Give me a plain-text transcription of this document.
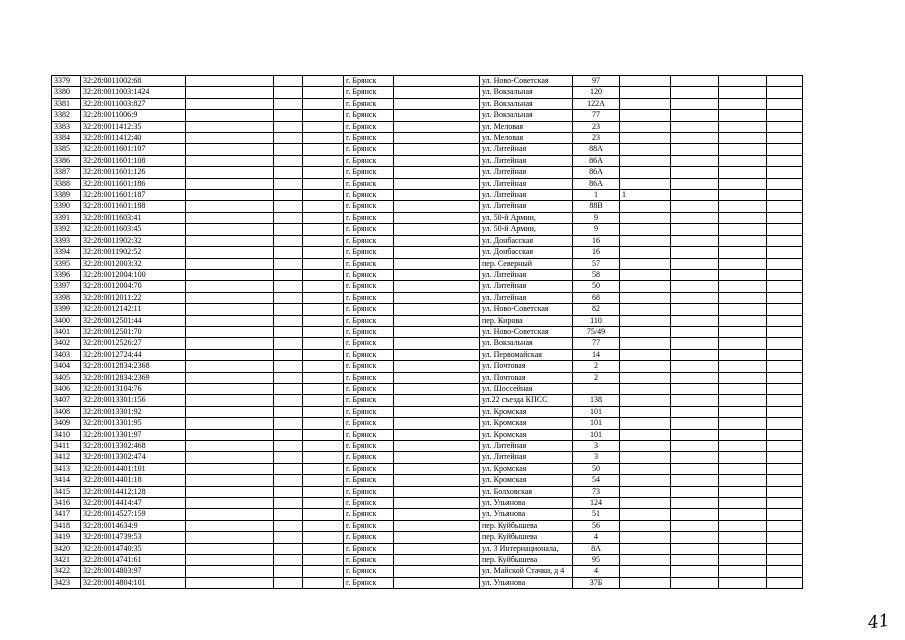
3379	32:28:0011002:68				г. Брянск		ул. Ново-Советская	97				
3380	32:28:0011003:1424				г. Брянск		ул. Вокзальная	120				
3381	32:28:0011003:827				г. Брянск		ул. Вокзальная	122А				
3382	32:28:0011006:9				г. Брянск		ул. Вокзальная	77				
3383	32:28:0011412:35				г. Брянск		ул. Меловая	23				
3384	32:28:0011412:40				г. Брянск		ул. Меловая	23				
3385	32:28:0011601:107				г. Брянск		ул. Литейная	88А				
3386	32:28:0011601:108				г. Брянск		ул. Литейная	86А				
3387	32:28:0011601:126				г. Брянск		ул. Литейная	86А				
3388	32:28:0011601:186				г. Брянск		ул. Литейная	86А				
3389	32:28:0011601:187				г. Брянск		ул. Литейная	1	1			
3390	32:28:0011601:188				г. Брянск		ул. Литейная	88В				
3391	32:28:0011603:41				г. Брянск		ул. 50-й Армии,	9				
3392	32:28:0011603:45				г. Брянск		ул. 50-й Армии,	9				
3393	32:28:0011902:32				г. Брянск		ул. Донбасская	16				
3394	32:28:0011902:52				г. Брянск		ул. Донбасская	16				
3395	32:28:0012003:32				г. Брянск		пер. Северный	57				
3396	32:28:0012004:100				г. Брянск		ул. Литейная	58				
3397	32:28:0012004:70				г. Брянск		ул. Литейная	50				
3398	32:28:0012011:22				г. Брянск		ул. Литейная	68				
3399	32:28:0012142:11				г. Брянск		ул. Ново-Советская	82				
3400	32:28:0012501:44				г. Брянск		пер. Кирова	110				
3401	32:28:0012501:70				г. Брянск		ул. Ново-Советская	75/49				
3402	32:28:0012526:27				г. Брянск		ул. Вокзальная	77				
3403	32:28:0012724:44				г. Брянск		ул. Первомайская	14				
3404	32:28:0012834:2368				г. Брянск		ул. Почтовая	2				
3405	32:28:0012834:2369				г. Брянск		ул. Почтовая	2				
3406	32:28:0013104:76				г. Брянск		ул. Шоссейная					
3407	32:28:0013301:156				г. Брянск		ул.22 съезда КПСС	138				
3408	32:28:0013301:92				г. Брянск		ул. Кромская	101				
3409	32:28:0013301:95				г. Брянск		ул. Кромская	101				
3410	32:28:0013301:97				г. Брянск		ул. Кромская	101				
3411	32:28:0013302:468				г. Брянск		ул. Литейная	3				
3412	32:28:0013302:474				г. Брянск		ул. Литейная	3				
3413	32:28:0014401:101				г. Брянск		ул. Кромская	50				
3414	32:28:0014401:18				г. Брянск		ул. Кромская	54				
3415	32:28:0014412:128				г. Брянск		ул. Болховская	73				
3416	32:28:0014414:47				г. Брянск		ул. Ульянова	124				
3417	32:28:0014527:159				г. Брянск		ул. Ульянова	51				
3418	32:28:0014634:9				г. Брянск		пер. Куйбышева	56				
3419	32:28:0014739:53				г. Брянск		пер. Куйбышева	4				
3420	32:28:0014740:35				г. Брянск		ул. 3 Интернационала,	8А				
3421	32:28:0014741:61				г. Брянск		пер. Куйбышева	95				
3422	32:28:0014803:97				г. Брянск		ул. Майской Стачки, д 4	4				
3423	32:28:0014804:101				г. Брянск		ул. Ульянова	37Б				
41
